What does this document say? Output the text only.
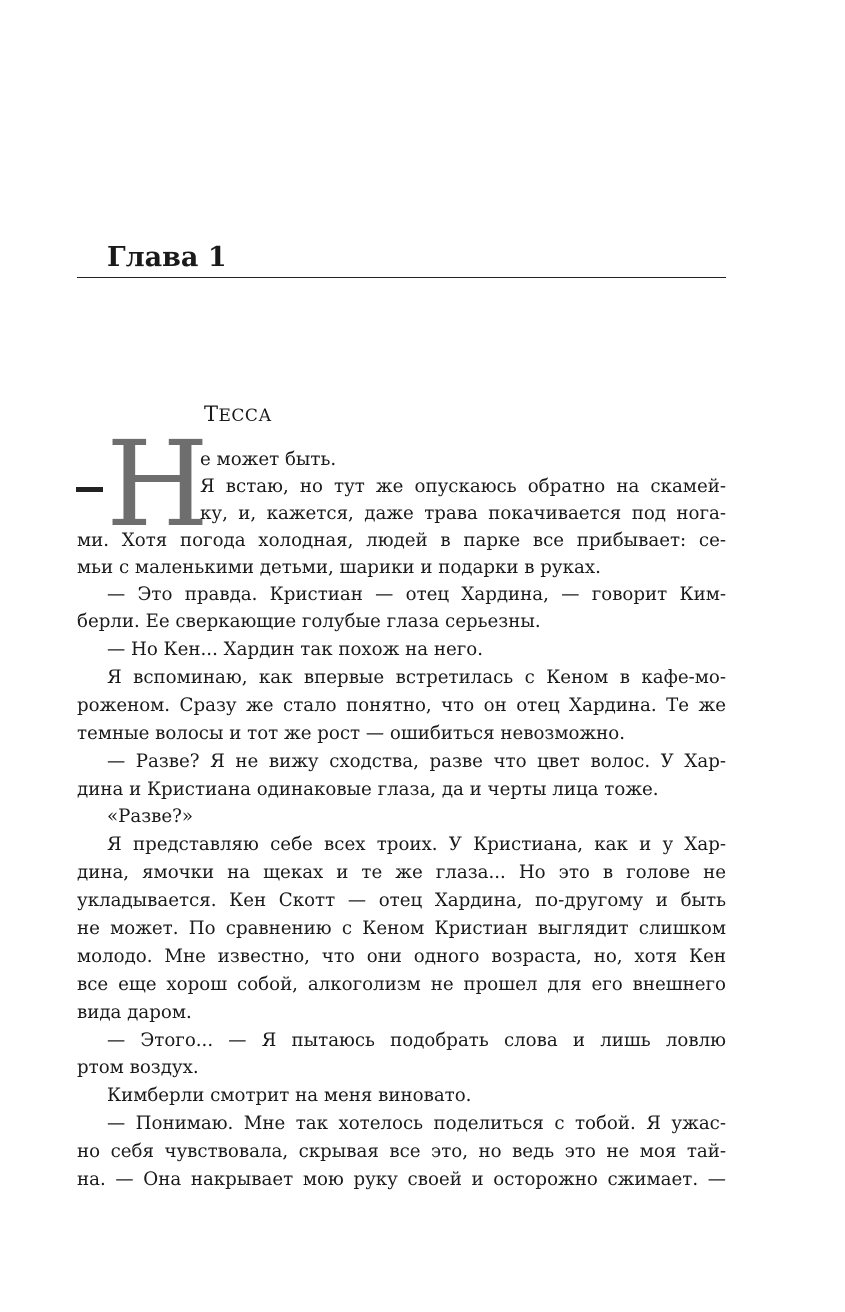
Глава 1
ТЕССА
Н
е может быть.
Я встаю, но тут же опускаюсь обратно на скамей-
ку, и, кажется, даже трава покачивается под нога-
ми. Хотя погода холодная, людей в парке все прибывает: се-
мьи с маленькими детьми, шарики и подарки в руках.
— Это правда. Кристиан — отец Хардина, — говорит Ким-
берли. Ее сверкающие голубые глаза серьезны.
— Но Кен... Хардин так похож на него.
Я вспоминаю, как впервые встретилась с Кеном в кафе-мо-
роженом. Сразу же стало понятно, что он отец Хардина. Те же
темные волосы и тот же рост — ошибиться невозможно.
— Разве? Я не вижу сходства, разве что цвет волос. У Хар-
дина и Кристиана одинаковые глаза, да и черты лица тоже.
«Разве?»
Я представляю себе всех троих. У Кристиана, как и у Хар-
дина, ямочки на щеках и те же глаза... Но это в голове не
укладывается. Кен Скотт — отец Хардина, по-другому и быть
не может. По сравнению с Кеном Кристиан выглядит слишком
молодо. Мне известно, что они одного возраста, но, хотя Кен
все еще хорош собой, алкоголизм не прошел для его внешнего
вида даром.
— Этого... — Я пытаюсь подобрать слова и лишь ловлю
ртом воздух.
Кимберли смотрит на меня виновато.
— Понимаю. Мне так хотелось поделиться с тобой. Я ужас-
но себя чувствовала, скрывая все это, но ведь это не моя тай-
на. — Она накрывает мою руку своей и осторожно сжимает. —
